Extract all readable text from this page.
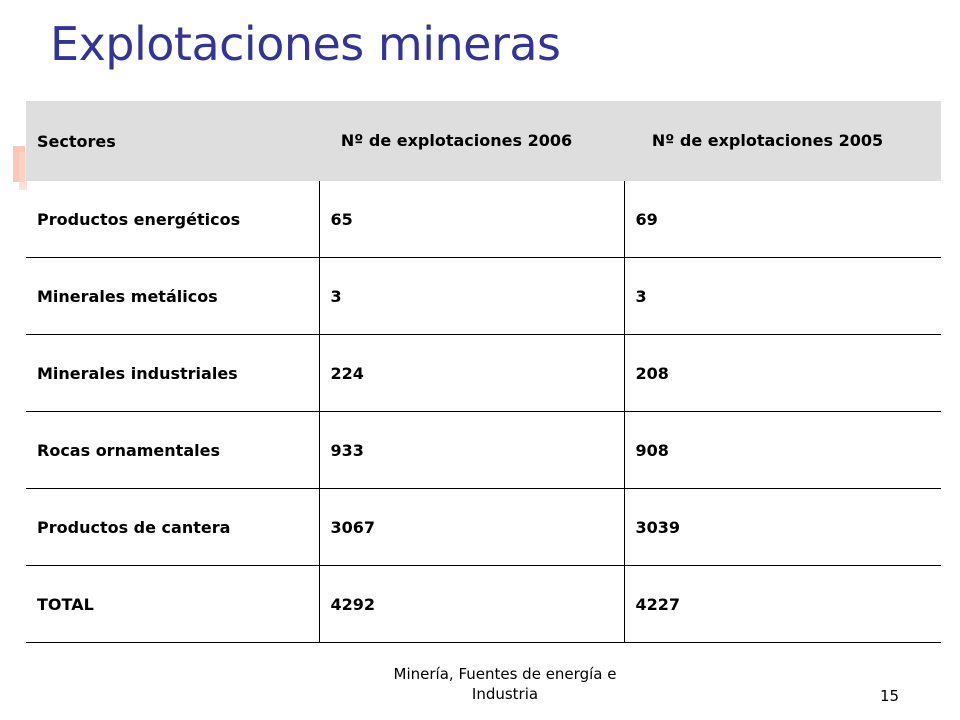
Explotaciones mineras
Sectores	Nº de explotaciones 2006	Nº de explotaciones 2005
Productos energéticos	65	69
Minerales metálicos	3	3
Minerales industriales	224	208
Rocas ornamentales	933	908
Productos de cantera	3067	3039
TOTAL	4292	4227
Minería, Fuentes de energía e
Industria	15
